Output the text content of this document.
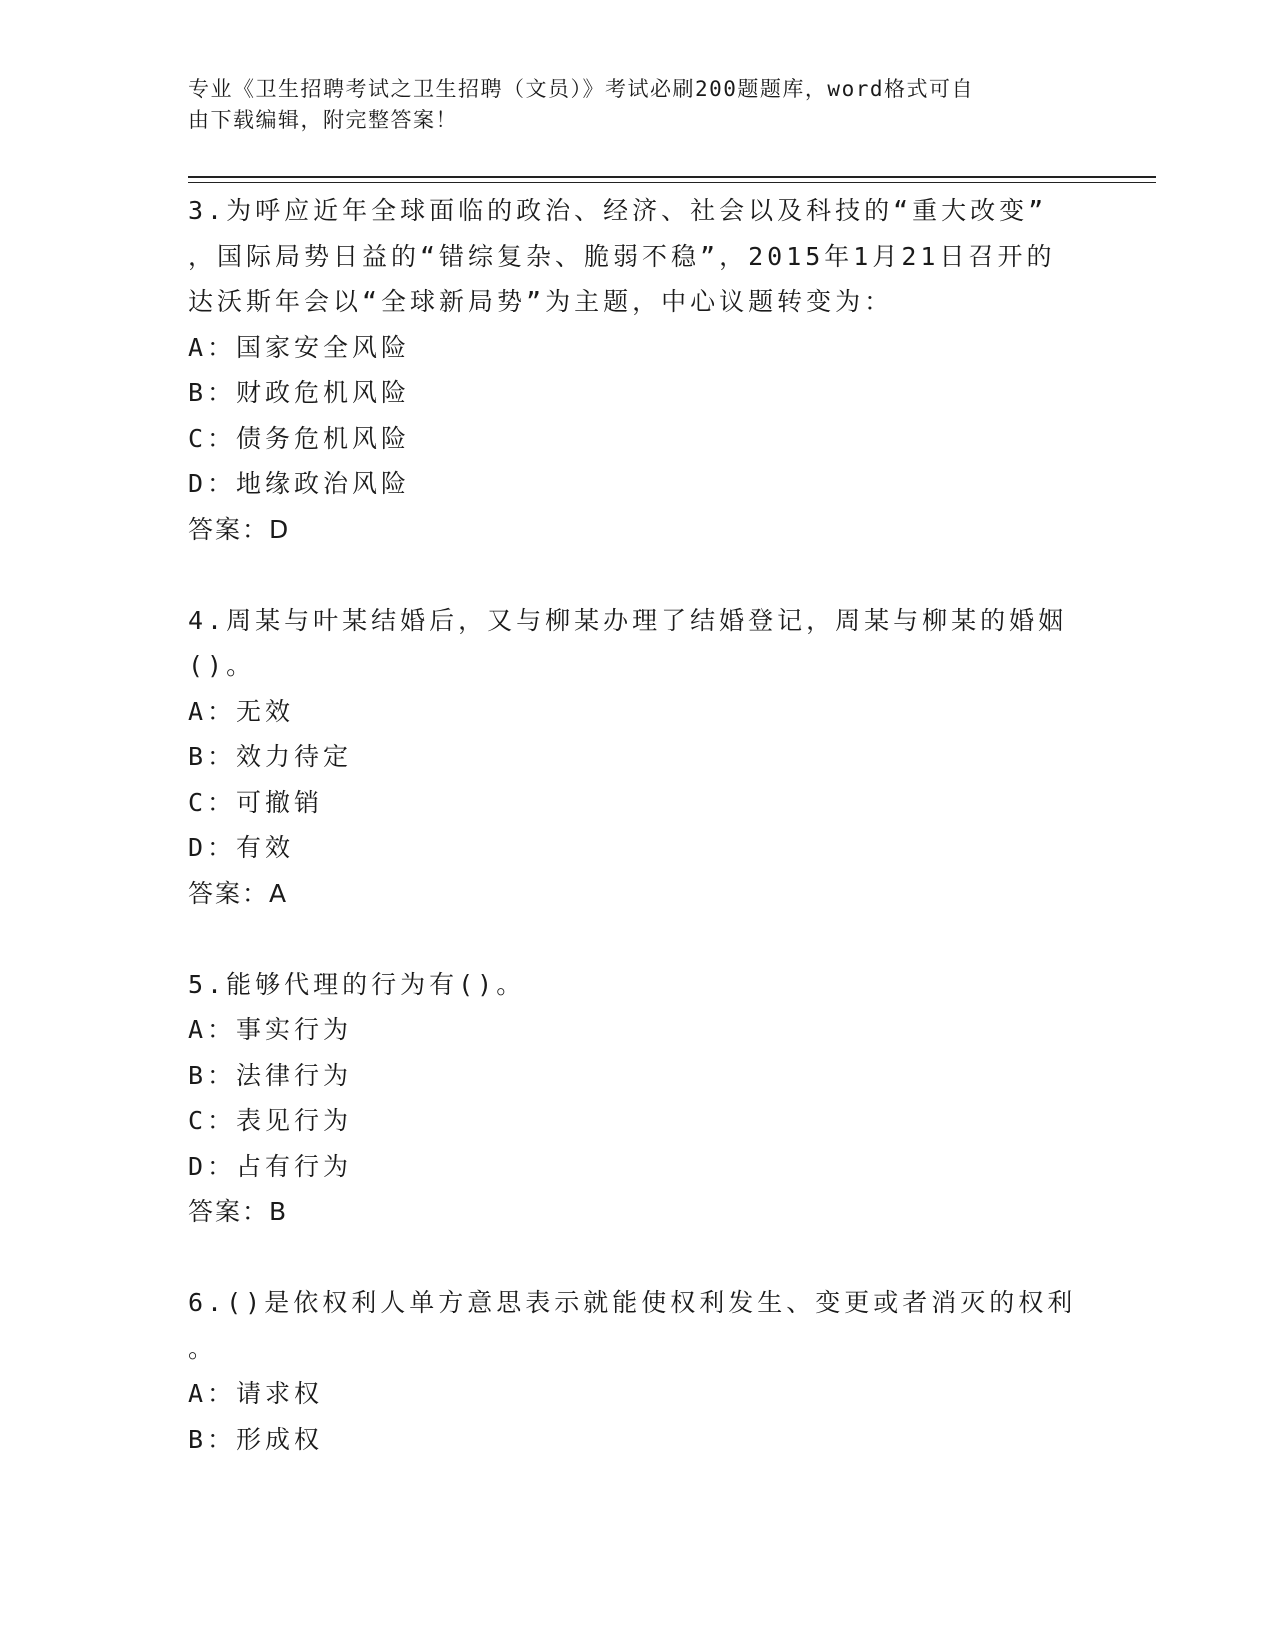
专业《卫生招聘考试之卫生招聘（文员）》考试必刷200题题库，word格式可自
由下载编辑，附完整答案！
3.为呼应近年全球面临的政治、经济、社会以及科技的“重大改变”
，国际局势日益的“错综复杂、脆弱不稳”，2015年1月21日召开的
达沃斯年会以“全球新局势”为主题，中心议题转变为：
A：国家安全风险
B：财政危机风险
C：债务危机风险
D：地缘政治风险
答案：D
4.周某与叶某结婚后，又与柳某办理了结婚登记，周某与柳某的婚姻
()。
A：无效
B：效力待定
C：可撤销
D：有效
答案：A
5.能够代理的行为有()。
A：事实行为
B：法律行为
C：表见行为
D：占有行为
答案：B
6.()是依权利人单方意思表示就能使权利发生、变更或者消灭的权利
。
A：请求权
B：形成权
